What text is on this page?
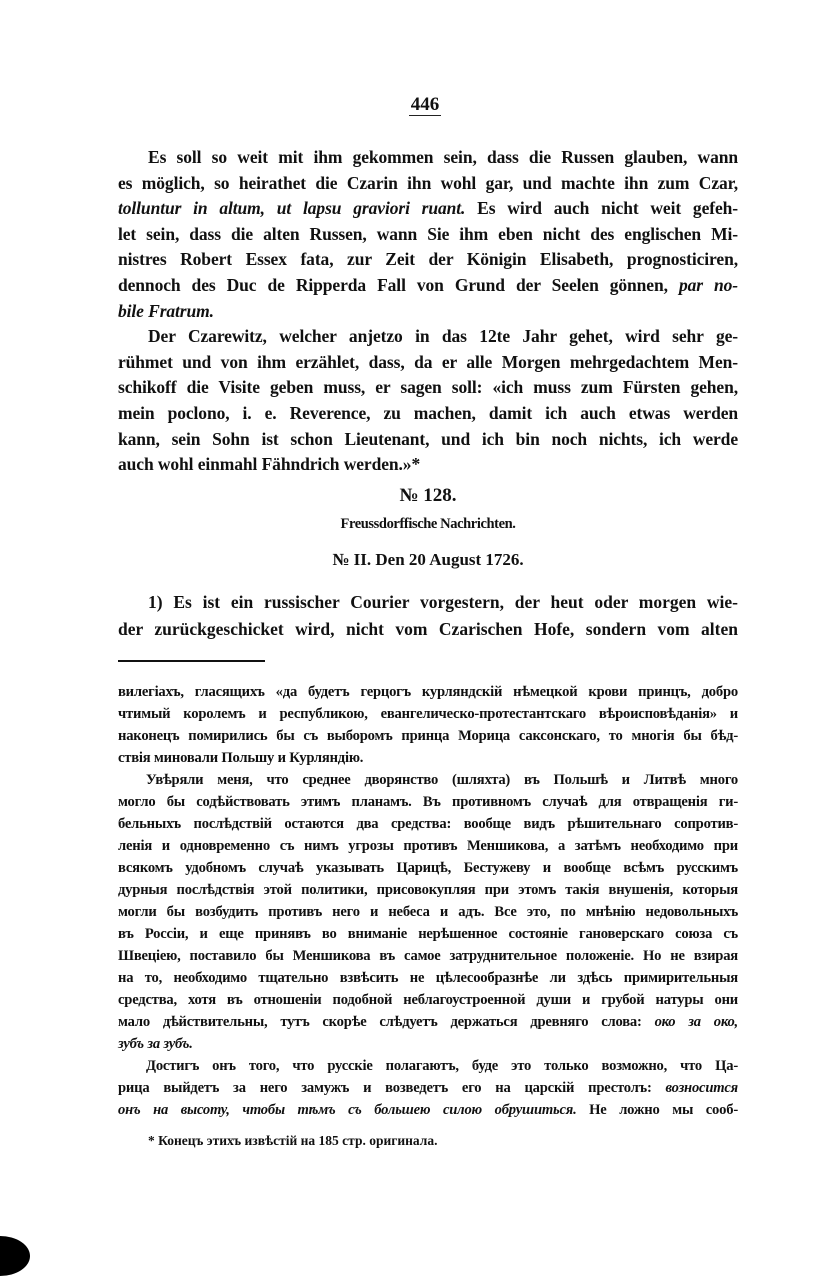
446
Es soll so weit mit ihm gekommen sein, dass die Russen glauben, wann
es möglich, so heirathet die Czarin ihn wohl gar, und machte ihn zum Czar,
tolluntur in altum, ut lapsu graviori ruant. Es wird auch nicht weit gefeh-
let sein, dass die alten Russen, wann Sie ihm eben nicht des englischen Mi-
nistres Robert Essex fata, zur Zeit der Königin Elisabeth, prognosticiren,
dennoch des Duc de Ripperda Fall von Grund der Seelen gönnen, par no-
bile Fratrum.
Der Czarewitz, welcher anjetzo in das 12te Jahr gehet, wird sehr ge-
rühmet und von ihm erzählet, dass, da er alle Morgen mehrgedachtem Men-
schikoff die Visite geben muss, er sagen soll: «ich muss zum Fürsten gehen,
mein poclono, i. e. Reverence, zu machen, damit ich auch etwas werden
kann, sein Sohn ist schon Lieutenant, und ich bin noch nichts, ich werde
auch wohl einmahl Fähndrich werden.»*
№ 128.
Freussdorffische Nachrichten.
№ II. Den 20 August 1726.
1) Es ist ein russischer Courier vorgestern, der heut oder morgen wie-
der zurückgeschicket wird, nicht vom Czarischen Hofe, sondern vom alten
вилегiахъ, гласящихъ «да будетъ герцогъ курляндскiй нѣмецкой крови принцъ, добро
чтимый королемъ и республикою, евангелическо-протестантскаго вѣроисповѣданiя» и
наконецъ помирились бы съ выборомъ принца Морица саксонскаго, то многiя бы бѣд-
ствiя миновали Польшу и Курляндiю.
Увѣряли меня, что среднее дворянство (шляхта) въ Польшѣ и Литвѣ много
могло бы содѣйствовать этимъ планамъ. Въ противномъ случаѣ для отвращенiя ги-
бельныхъ послѣдствiй остаются два средства: вообще видъ рѣшительнаго сопротив-
ленiя и одновременно съ нимъ угрозы противъ Меншикова, а затѣмъ необходимо при
всякомъ удобномъ случаѣ указывать Царицѣ, Бестужеву и вообще всѣмъ русскимъ
дурныя послѣдствiя этой политики, присовокупляя при этомъ такiя внушенiя, которыя
могли бы возбудить противъ него и небеса и адъ. Все это, по мнѣнiю недовольныхъ
въ Россiи, и еще принявъ во вниманiе нерѣшенное состоянiе гановерскаго союза съ
Швецiею, поставило бы Меншикова въ самое затруднительное положенiе. Но не взирая
на то, необходимо тщательно взвѣсить не цѣлесообразнѣе ли здѣсь примирительныя
средства, хотя въ отношенiи подобной неблагоустроенной души и грубой натуры они
мало дѣйствительны, тутъ скорѣе слѣдуетъ держаться древняго слова: око за око,
зубъ за зубъ.
Достигъ онъ того, что русскiе полагаютъ, буде это только возможно, что Ца-
рица выйдетъ за него замужъ и возведетъ его на царскiй престолъ: возносится
онъ на высоту, чтобы тѣмъ съ большею силою обрушиться. Не ложно мы сооб-
* Конецъ этихъ извѣстiй на 185 стр. оригинала.
